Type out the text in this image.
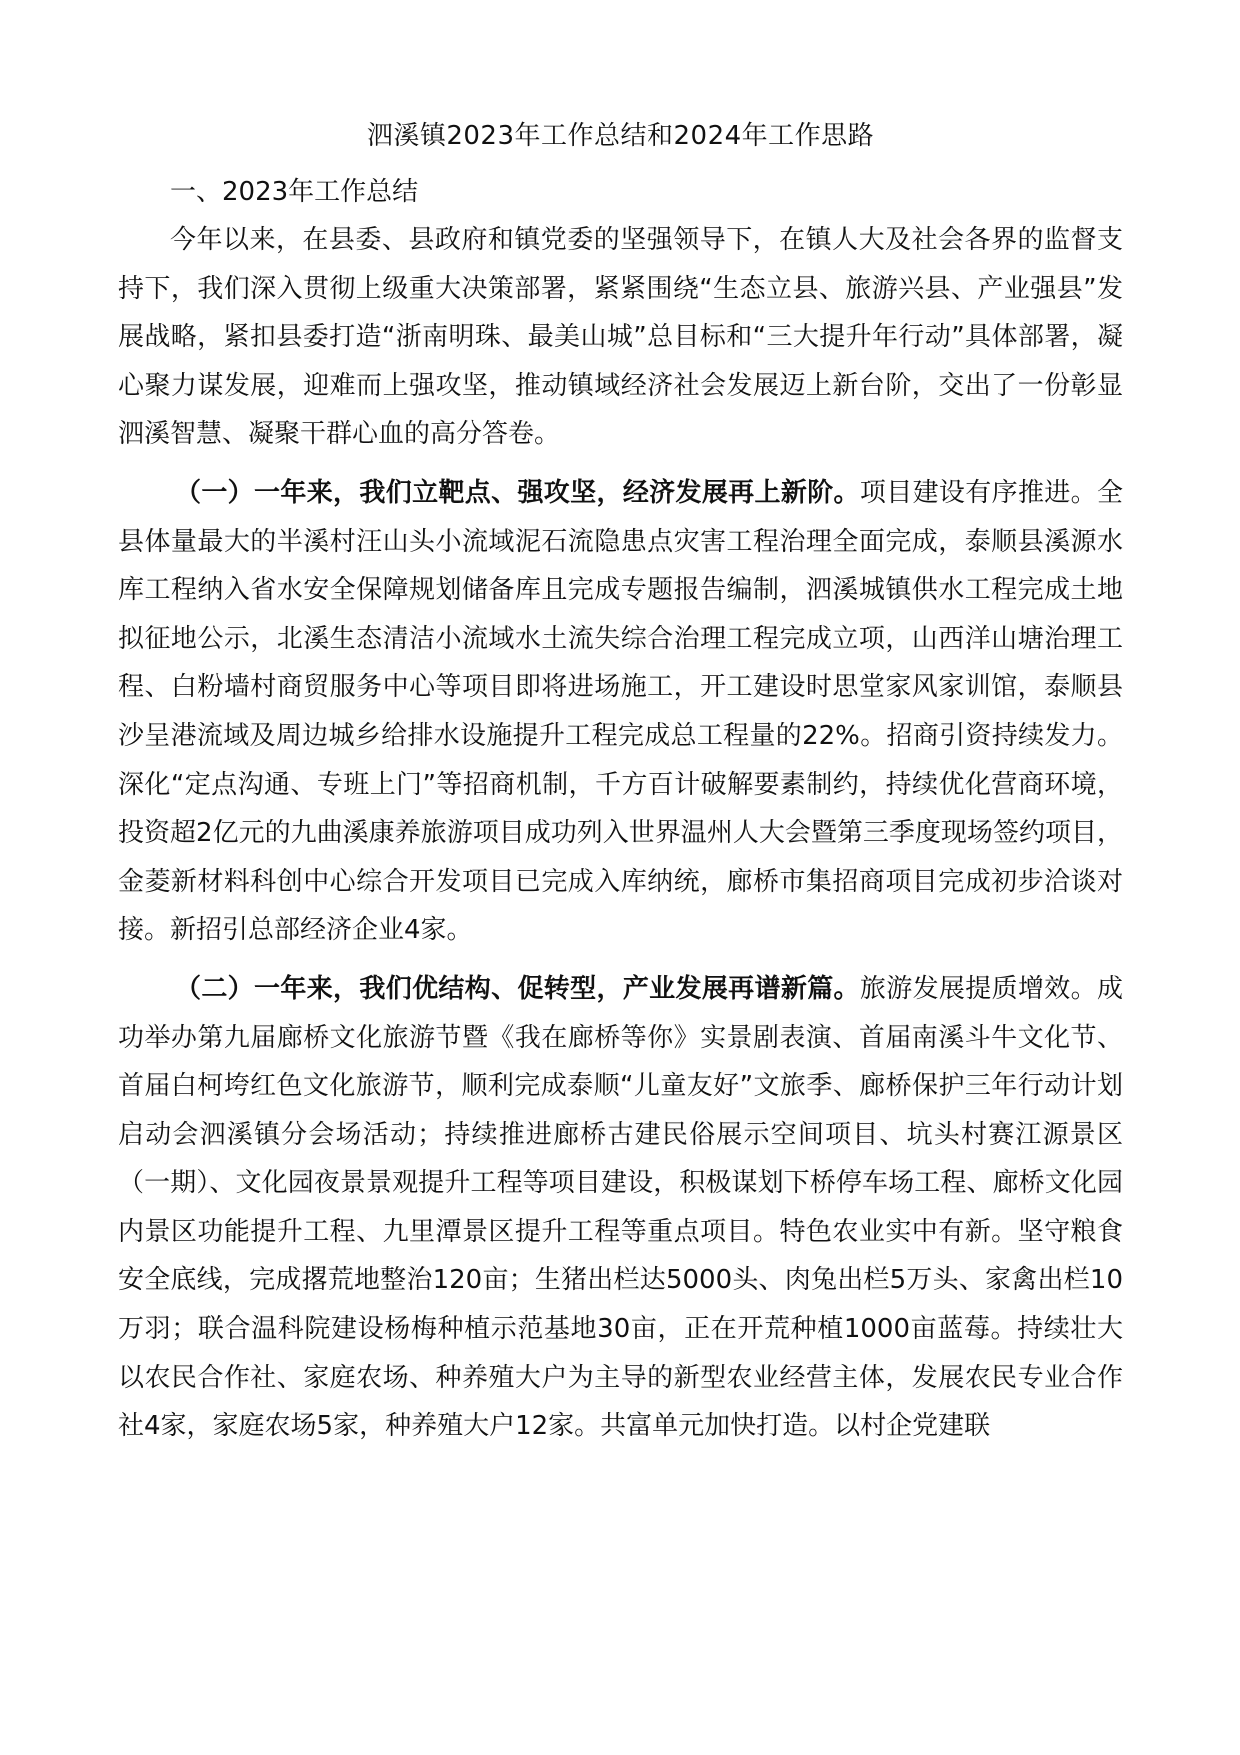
泗溪镇2023年工作总结和2024年工作思路
一、2023年工作总结

今年以来，在县委、县政府和镇党委的坚强领导下，在镇人大及社会各界的监督支持下，我们深入贯彻上级重大决策部署，紧紧围绕“生态立县、旅游兴县、产业强县”发展战略，紧扣县委打造“浙南明珠、最美山城”总目标和“三大提升年行动”具体部署，凝心聚力谋发展，迎难而上强攻坚，推动镇域经济社会发展迈上新台阶，交出了一份彰显泗溪智慧、凝聚干群心血的高分答卷。

（一）一年来，我们立靶点、强攻坚，经济发展再上新阶。项目建设有序推进。全县体量最大的半溪村汪山头小流域泥石流隐患点灾害工程治理全面完成，泰顺县溪源水库工程纳入省水安全保障规划储备库且完成专题报告编制，泗溪城镇供水工程完成土地拟征地公示，北溪生态清洁小流域水土流失综合治理工程完成立项，山西洋山塘治理工程、白粉墙村商贸服务中心等项目即将进场施工，开工建设时思堂家风家训馆，泰顺县沙呈港流域及周边城乡给排水设施提升工程完成总工程量的22%。招商引资持续发力。深化“定点沟通、专班上门”等招商机制，千方百计破解要素制约，持续优化营商环境，投资超2亿元的九曲溪康养旅游项目成功列入世界温州人大会暨第三季度现场签约项目，金菱新材料科创中心综合开发项目已完成入库纳统，廊桥市集招商项目完成初步洽谈对接。新招引总部经济企业4家。

（二）一年来，我们优结构、促转型，产业发展再谱新篇。旅游发展提质增效。成功举办第九届廊桥文化旅游节暨《我在廊桥等你》实景剧表演、首届南溪斗牛文化节、首届白柯垮红色文化旅游节，顺利完成泰顺“儿童友好”文旅季、廊桥保护三年行动计划启动会泗溪镇分会场活动；持续推进廊桥古建民俗展示空间项目、坑头村赛江源景区（一期）、文化园夜景景观提升工程等项目建设，积极谋划下桥停车场工程、廊桥文化园内景区功能提升工程、九里潭景区提升工程等重点项目。特色农业实中有新。坚守粮食安全底线，完成撂荒地整治120亩；生猪出栏达5000头、肉兔出栏5万头、家禽出栏10万羽；联合温科院建设杨梅种植示范基地30亩，正在开荒种植1000亩蓝莓。持续壮大以农民合作社、家庭农场、种养殖大户为主导的新型农业经营主体，发展农民专业合作社4家，家庭农场5家，种养殖大户12家。共富单元加快打造。以村企党建联
